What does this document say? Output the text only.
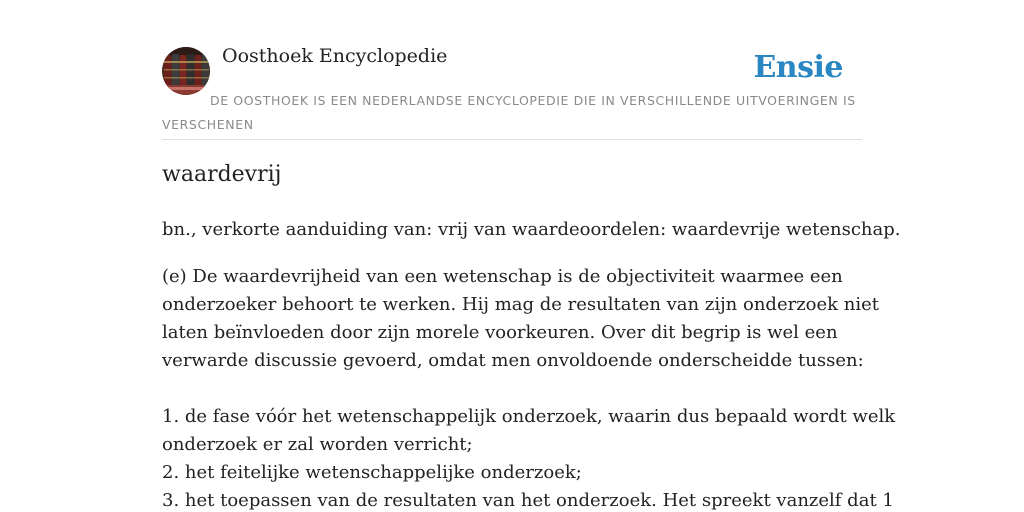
Oosthoek Encyclopedie	Ensie
DE OOSTHOEK IS EEN NEDERLANDSE ENCYCLOPEDIE DIE IN VERSCHILLENDE UITVOERINGEN IS VERSCHENEN
waardevrij

bn., verkorte aanduiding van: vrij van waardeoordelen: waardevrije wetenschap.

(e) De waardevrijheid van een wetenschap is de objectiviteit waarmee een
onderzoeker behoort te werken. Hij mag de resultaten van zijn onderzoek niet
laten beïnvloeden door zijn morele voorkeuren. Over dit begrip is wel een
verwarde discussie gevoerd, omdat men onvoldoende onderscheidde tussen:
1. de fase vóór het wetenschappelijk onderzoek, waarin dus bepaald wordt welk
onderzoek er zal worden verricht;
2. het feitelijke wetenschappelijke onderzoek;
3. het toepassen van de resultaten van het onderzoek. Het spreekt vanzelf dat 1
